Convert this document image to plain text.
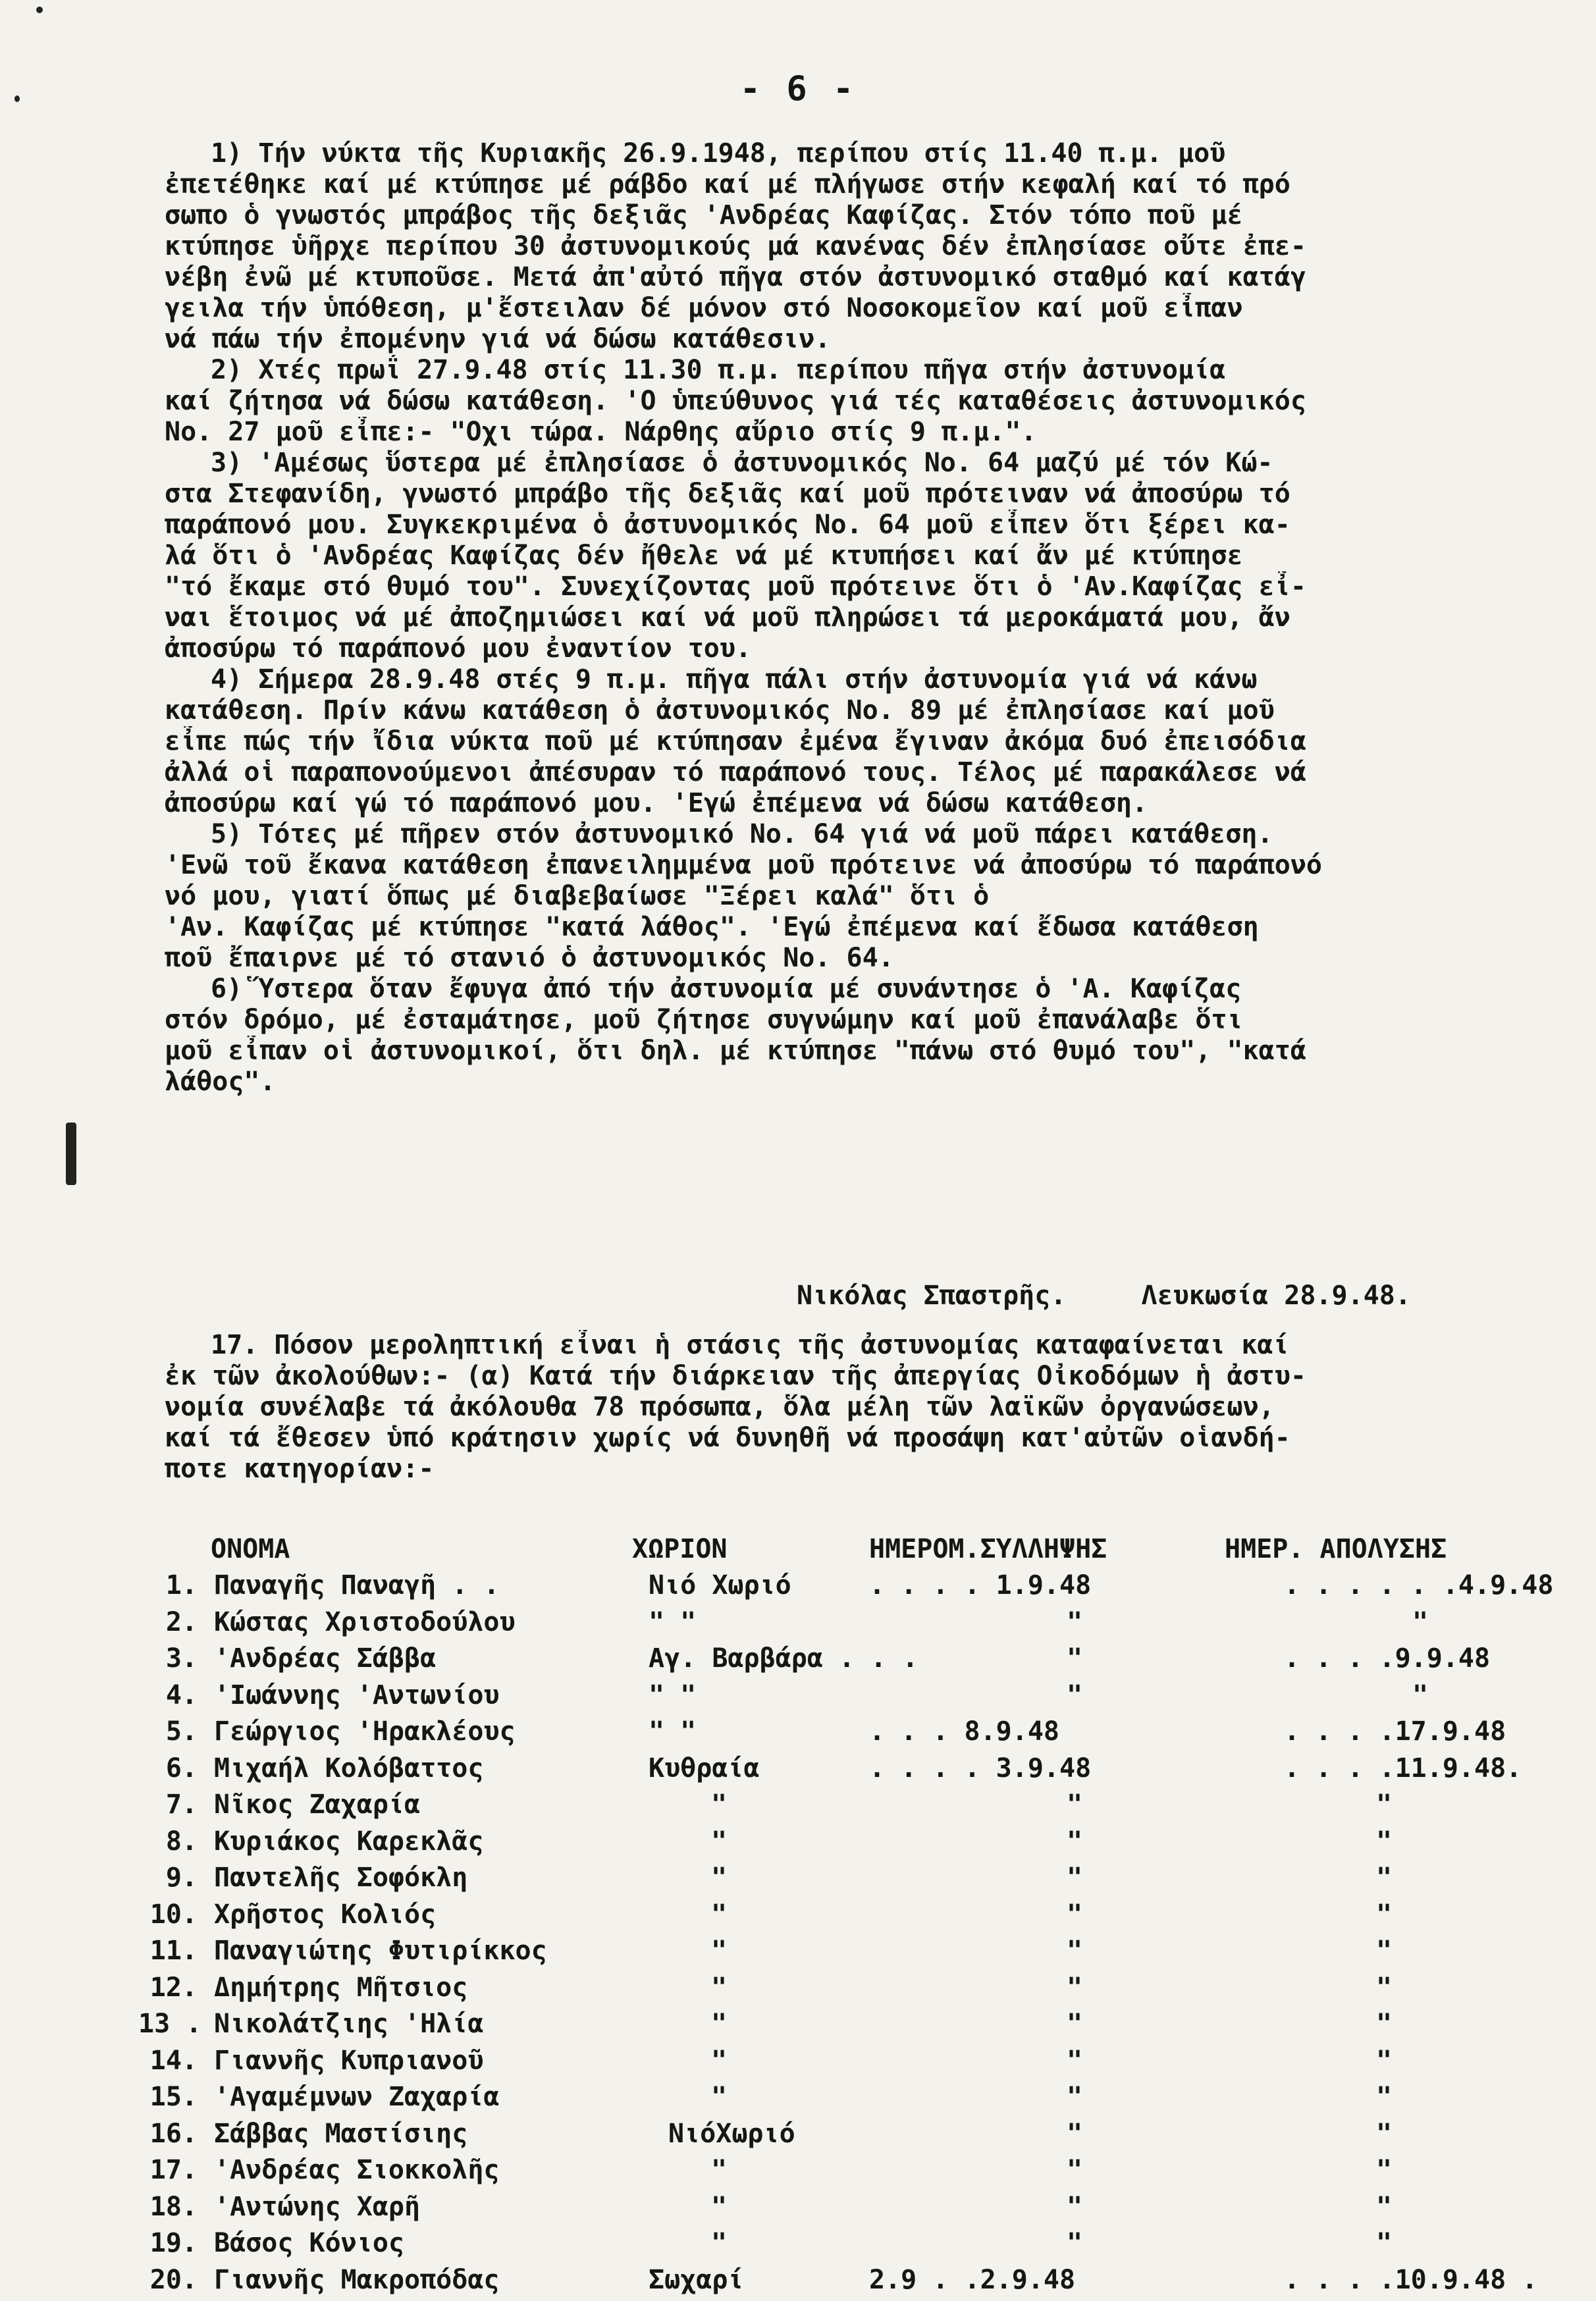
- 6 -
1) Τήν νύκτα τῆς Κυριακῆς 26.9.1948, περίπου στίς 11.40 π.μ. μοῦ
ἐπετέθηκε καί μέ κτύπησε μέ ράβδο καί μέ πλήγωσε στήν κεφαλή καί τό πρό
σωπο ὁ γνωστός μπράβος τῆς δεξιᾶς 'Ανδρέας Καφίζας. Στόν τόπο ποῦ μέ
κτύπησε ὑῆρχε περίπου 30 ἀστυνομικούς μά κανένας δέν ἐπλησίασε οὔτε ἐπε-
νέβη ἐνῶ μέ κτυποῦσε. Μετά ἀπ'αὐτό πῆγα στόν ἀστυνομικό σταθμό καί κατάγ
γειλα τήν ὑπόθεση, μ'ἔστειλαν δέ μόνον στό Νοσοκομεῖον καί μοῦ εἶπαν
νά πάω τήν ἐπομένην γιά νά δώσω κατάθεσιν.
2) Χτές πρωΐ 27.9.48 στίς 11.30 π.μ. περίπου πῆγα στήν ἀστυνομία
καί ζήτησα νά δώσω κατάθεση. 'Ο ὑπεύθυνος γιά τές καταθέσεις ἀστυνομικός
Νο. 27 μοῦ εἶπε:- "Οχι τώρα. Νάρθης αὔριο στίς 9 π.μ.".
3) 'Αμέσως ὕστερα μέ ἐπλησίασε ὁ ἀστυνομικός Νο. 64 μαζύ μέ τόν Κώ-
στα Στεφανίδη, γνωστό μπράβο τῆς δεξιᾶς καί μοῦ πρότειναν νά ἀποσύρω τό
παράπονό μου. Συγκεκριμένα ὁ ἀστυνομικός Νο. 64 μοῦ εἶπεν ὅτι ξέρει κα-
λά ὅτι ὁ 'Ανδρέας Καφίζας δέν ἤθελε νά μέ κτυπήσει καί ἄν μέ κτύπησε
"τό ἔκαμε στό θυμό του". Συνεχίζοντας μοῦ πρότεινε ὅτι ὁ 'Αν.Καφίζας εἶ-
ναι ἕτοιμος νά μέ ἀποζημιώσει καί νά μοῦ πληρώσει τά μεροκάματά μου, ἄν
ἀποσύρω τό παράπονό μου ἐναντίον του.
4) Σήμερα 28.9.48 στές 9 π.μ. πῆγα πάλι στήν ἀστυνομία γιά νά κάνω
κατάθεση. Πρίν κάνω κατάθεση ὁ ἀστυνομικός Νο. 89 μέ ἐπλησίασε καί μοῦ
εἶπε πώς τήν ἴδια νύκτα ποῦ μέ κτύπησαν ἐμένα ἔγιναν ἀκόμα δυό ἐπεισόδια
ἀλλά οἱ παραπονούμενοι ἀπέσυραν τό παράπονό τους. Τέλος μέ παρακάλεσε νά
ἀποσύρω καί γώ τό παράπονό μου. 'Εγώ ἐπέμενα νά δώσω κατάθεση.
5) Τότες μέ πῆρεν στόν ἀστυνομικό Νο. 64 γιά νά μοῦ πάρει κατάθεση.
'Ενῶ τοῦ ἔκανα κατάθεση ἐπανειλημμένα μοῦ πρότεινε νά ἀποσύρω τό παράπονό
νό μου, γιατί ὅπως μέ διαβεβαίωσε "Ξέρει καλά" ὅτι ὁ
'Αν. Καφίζας μέ κτύπησε "κατά λάθος". 'Εγώ ἐπέμενα καί ἔδωσα κατάθεση
ποῦ ἔπαιρνε μέ τό στανιό ὁ ἀστυνομικός Νο. 64.
6) Ὕστερα ὅταν ἔφυγα ἀπό τήν ἀστυνομία μέ συνάντησε ὁ 'Α. Καφίζας
στόν δρόμο, μέ ἐσταμάτησε, μοῦ ζήτησε συγνώμην καί μοῦ ἐπανάλαβε ὅτι
μοῦ εἶπαν οἱ ἀστυνομικοί, ὅτι δηλ. μέ κτύπησε "πάνω στό θυμό του", "κατά
λάθος".
Νικόλας Σπαστρῆς.	Λευκωσία 28.9.48.
17. Πόσον μεροληπτική εἶναι ἡ στάσις τῆς ἀστυνομίας καταφαίνεται καί
ἐκ τῶν ἀκολούθων:- (α) Κατά τήν διάρκειαν τῆς ἀπεργίας Οἰκοδόμων ἡ ἀστυ-
νομία συνέλαβε τά ἀκόλουθα 78 πρόσωπα, ὅλα μέλη τῶν λαϊκῶν ὀργανώσεων,
καί τά ἔθεσεν ὑπό κράτησιν χωρίς νά δυνηθῆ νά προσάψη κατ'αὐτῶν οἱανδή-
ποτε κατηγορίαν:-
ΟΝΟΜΑ	ΧΩΡΙΟΝ	ΗΜΕΡΟΜ.ΣΥΛΛΗΨΗΣ	ΗΜΕΡ. ΑΠΟΛΥΣΗΣ
1. Παναγῆς Παναγῆ . .	Νιό Χωριό	. . . . 1.9.48	. . . . . .4.9.48
2. Κώστας Χριστοδούλου	" "	"	"
3. 'Ανδρέας Σάββα	Αγ. Βαρβάρα . . .	"	. . . .9.9.48
4. 'Ιωάννης 'Αντωνίου	" "	"	"
5. Γεώργιος 'Ηρακλέους	" "	. . . 8.9.48	. . . .17.9.48
6. Μιχαήλ Κολόβαττος	Κυθραία	. . . . 3.9.48	. . . .11.9.48.
7. Νῖκος Ζαχαρία	"	"	"
8. Κυριάκος Καρεκλᾶς	"	"	"
9. Παντελῆς Σοφόκλη	"	"	"
10. Χρῆστος Κολιός	"	"	"
11. Παναγιώτης Φυτιρίκκος	"	"	"
12. Δημήτρης Μῆτσιος	"	"	"
13 . Νικολάτζιης 'Ηλία	"	"	"
14. Γιαννῆς Κυπριανοῦ	"	"	"
15. 'Αγαμέμνων Ζαχαρία	"	"	"
16. Σάββας Μαστίσιης	ΝιόΧωριό	"	"
17. 'Ανδρέας Σιοκκολῆς	"	"	"
18. 'Αντώνης Χαρῆ	"	"	"
19. Βάσος Κόνιος	"	"	"
20. Γιαννῆς Μακροπόδας	Σωχαρί	2.9 . .2.9.48	. . . .10.9.48 .
